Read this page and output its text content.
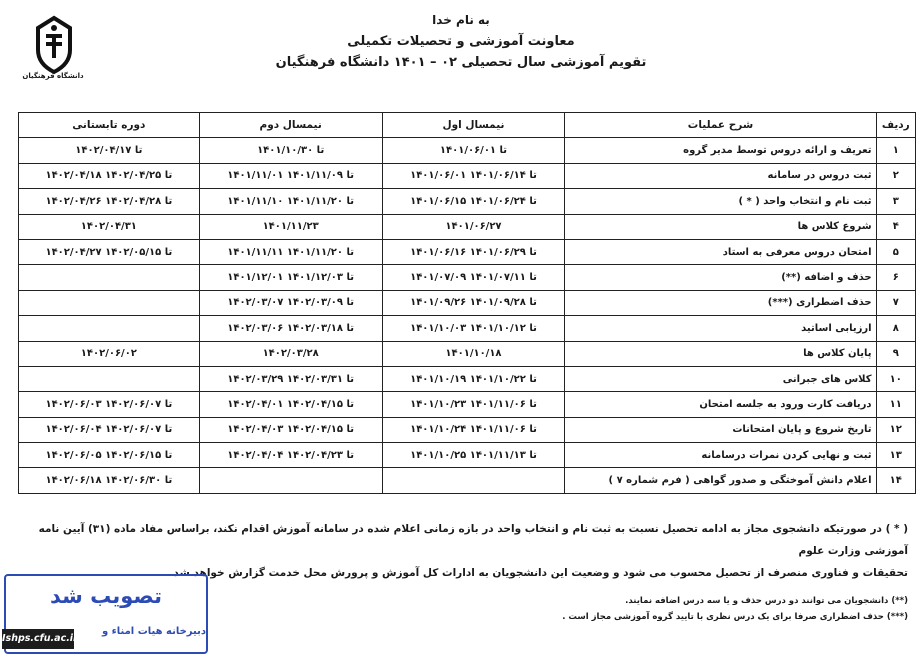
به نام خدا
معاونت آموزشی و تحصیلات تکمیلی
تقویم آموزشی سال تحصیلی ۰۲ – ۱۴۰۱ دانشگاه فرهنگیان
دانشگاه فرهنگیان
ردیف	شرح عملیات	نیمسال اول	نیمسال دوم	دوره تابستانی
۱	تعریف و ارائه دروس توسط مدیر گروه	تا ۱۴۰۱/۰۶/۰۱	تا ۱۴۰۱/۱۰/۳۰	تا ۱۴۰۲/۰۴/۱۷
۲	ثبت دروس در سامانه	۱۴۰۱/۰۶/۰۱ تا ۱۴۰۱/۰۶/۱۴	۱۴۰۱/۱۱/۰۱ تا ۱۴۰۱/۱۱/۰۹	۱۴۰۲/۰۴/۱۸ تا ۱۴۰۲/۰۴/۲۵
۳	ثبت نام و انتخاب واحد ( * )	۱۴۰۱/۰۶/۱۵ تا ۱۴۰۱/۰۶/۲۴	۱۴۰۱/۱۱/۱۰ تا ۱۴۰۱/۱۱/۲۰	۱۴۰۲/۰۴/۲۶ تا ۱۴۰۲/۰۴/۲۸
۴	شروع کلاس ها	۱۴۰۱/۰۶/۲۷	۱۴۰۱/۱۱/۲۳	۱۴۰۲/۰۴/۳۱
۵	امتحان دروس معرفی به استاد	۱۴۰۱/۰۶/۱۶ تا ۱۴۰۱/۰۶/۲۹	۱۴۰۱/۱۱/۱۱ تا ۱۴۰۱/۱۱/۲۰	۱۴۰۲/۰۴/۲۷ تا ۱۴۰۲/۰۵/۱۵
۶	حذف و اضافه (**)	۱۴۰۱/۰۷/۰۹ تا ۱۴۰۱/۰۷/۱۱	۱۴۰۱/۱۲/۰۱ تا ۱۴۰۱/۱۲/۰۳	
۷	حذف اضطراری (***)	۱۴۰۱/۰۹/۲۶ تا ۱۴۰۱/۰۹/۲۸	۱۴۰۲/۰۳/۰۷ تا ۱۴۰۲/۰۳/۰۹	
۸	ارزیابی اساتید	۱۴۰۱/۱۰/۰۳ تا ۱۴۰۱/۱۰/۱۲	۱۴۰۲/۰۳/۰۶ تا ۱۴۰۲/۰۳/۱۸	
۹	پایان کلاس ها	۱۴۰۱/۱۰/۱۸	۱۴۰۲/۰۳/۲۸	۱۴۰۲/۰۶/۰۲
۱۰	کلاس های جبرانی	۱۴۰۱/۱۰/۱۹ تا ۱۴۰۱/۱۰/۲۲	۱۴۰۲/۰۳/۲۹ تا ۱۴۰۲/۰۳/۳۱	
۱۱	دریافت کارت ورود به جلسه امتحان	۱۴۰۱/۱۰/۲۳ تا ۱۴۰۱/۱۱/۰۶	۱۴۰۲/۰۴/۰۱ تا ۱۴۰۲/۰۴/۱۵	۱۴۰۲/۰۶/۰۳ تا ۱۴۰۲/۰۶/۰۷
۱۲	تاریخ شروع و پایان امتحانات	۱۴۰۱/۱۰/۲۴ تا ۱۴۰۱/۱۱/۰۶	۱۴۰۲/۰۴/۰۳ تا ۱۴۰۲/۰۴/۱۵	۱۴۰۲/۰۶/۰۴ تا ۱۴۰۲/۰۶/۰۷
۱۳	ثبت و نهایی کردن نمرات درسامانه	۱۴۰۱/۱۰/۲۵ تا ۱۴۰۱/۱۱/۱۳	۱۴۰۲/۰۴/۰۴ تا ۱۴۰۲/۰۴/۲۳	۱۴۰۲/۰۶/۰۵ تا ۱۴۰۲/۰۶/۱۵
۱۴	اعلام دانش آموختگی و صدور گواهی ( فرم شماره ۷ )			۱۴۰۲/۰۶/۱۸ تا ۱۴۰۲/۰۶/۳۰
( * ) در صورتیکه دانشجوی مجاز به ادامه تحصیل نسبت به ثبت نام و انتخاب واحد در بازه زمانی اعلام شده در سامانه آموزش اقدام نکند، براساس مفاد ماده (۳۱) آیین نامه آموزشی وزارت علوم
تحقیقات و فناوری منصرف از تحصیل محسوب می شود و وضعیت این دانشجویان به ادارات کل آموزش و پرورش محل خدمت گزارش خواهد شد.
(**) دانشجویان می توانند دو درس حذف و یا سه درس اضافه نمایند.
(***) حذف اضطراری صرفا برای یک درس نظری با تایید گروه آموزشی مجاز است .
تصویب شد
دبیرخانه هیات امناء و
Ishps.cfu.ac.ir
